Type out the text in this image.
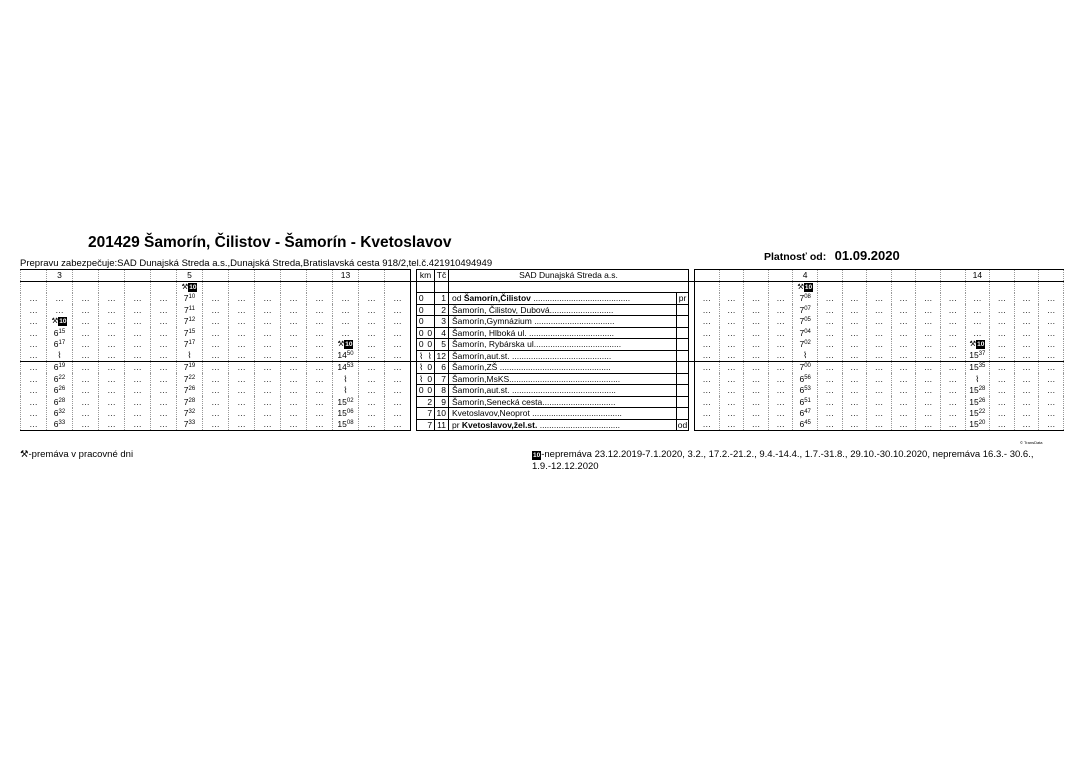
201429 Šamorín, Čilistov - Šamorín - Kvetoslavov
Platnosť od: 01.09.2020
Prepravu zabezpečuje:SAD Dunajská Streda a.s.,Dunajská Streda,Bratislavská cesta 918/2,tel.č.421910494949
	3					5						13				km		Tč	SAD Dunajská Streda a.s.							4							14			
						⚒10																				⚒10										
…	…	…	…	…	…	$7^{10}$	…	…	…	…	…	…	…	…		0		1	od Šamorín,Čilistov .........................................	pr		…	…	…	…	$7^{08}$	…	…	…	…	…	…	…	…	…	…
…	…	…	…	…	…	$7^{11}$	…	…	…	…	…	…	…	…		0		2	Šamorín, Čilistov, Dubová...........................			…	…	…	…	$7^{07}$	…	…	…	…	…	…	…	…	…	…
…	⚒10	…	…	…	…	$7^{12}$	…	…	…	…	…	…	…	…		0		3	Šamorín,Gymnázium ..................................			…	…	…	…	$7^{05}$	…	…	…	…	…	…	…	…	…	…
…	$6^{15}$	…	…	…	…	$7^{15}$	…	…	…	…	…	…	…	…		0	0	4	Šamorín, Hlboká ul. ....................................			…	…	…	…	$7^{04}$	…	…	…	…	…	…	…	…	…	…
…	$6^{17}$	…	…	…	…	$7^{17}$	…	…	…	…	…	⚒10	…	…		0	0	5	Šamorín, Rybárska ul.....................................			…	…	…	…	$7^{02}$	…	…	…	…	…	…	⚒10	…	…	…
…	⌇	…	…	…	…	⌇	…	…	…	…	…	$14^{50}$	…	…		⌇	⌇	12	Šamorín,aut.st. ..........................................			…	…	…	…	⌇	…	…	…	…	…	…	$15^{37}$	…	…	…
…	$6^{19}$	…	…	…	…	$7^{19}$	…	…	…	…	…	$14^{53}$	…	…		⌇	0	6	Šamorín,ZŠ ...............................................			…	…	…	…	$7^{00}$	…	…	…	…	…	…	$15^{35}$	…	…	…
…	$6^{22}$	…	…	…	…	$7^{22}$	…	…	…	…	…	⌇	…	…		⌇	0	7	Šamorín,MsKS...............................................			…	…	…	…	$6^{56}$	…	…	…	…	…	…	⌇	…	…	…
…	$6^{26}$	…	…	…	…	$7^{26}$	…	…	…	…	…	⌇	…	…		0	0	8	Šamorín,aut.st. ............................................			…	…	…	…	$6^{53}$	…	…	…	…	…	…	$15^{28}$	…	…	…
…	$6^{28}$	…	…	…	…	$7^{28}$	…	…	…	…	…	$15^{02}$	…	…			2	9	Šamorín,Senecká cesta...............................			…	…	…	…	$6^{51}$	…	…	…	…	…	…	$15^{26}$	…	…	…
…	$6^{32}$	…	…	…	…	$7^{32}$	…	…	…	…	…	$15^{06}$	…	…			7	10	Kvetoslavov,Neoprot ......................................			…	…	…	…	$6^{47}$	…	…	…	…	…	…	$15^{22}$	…	…	…
…	$6^{33}$	…	…	…	…	$7^{33}$	…	…	…	…	…	$15^{08}$	…	…			7	11	pr Kvetoslavov,žel.st. ..................................	od		…	…	…	…	$6^{45}$	…	…	…	…	…	…	$15^{20}$	…	…	…
⚒-premáva v pracovné dni	10-nepremáva 23.12.2019-7.1.2020, 3.2., 17.2.-21.2., 9.4.-14.4., 1.7.-31.8., 29.10.-30.10.2020, nepremáva 16.3.- 30.6., 1.9.-12.12.2020
© TransData
